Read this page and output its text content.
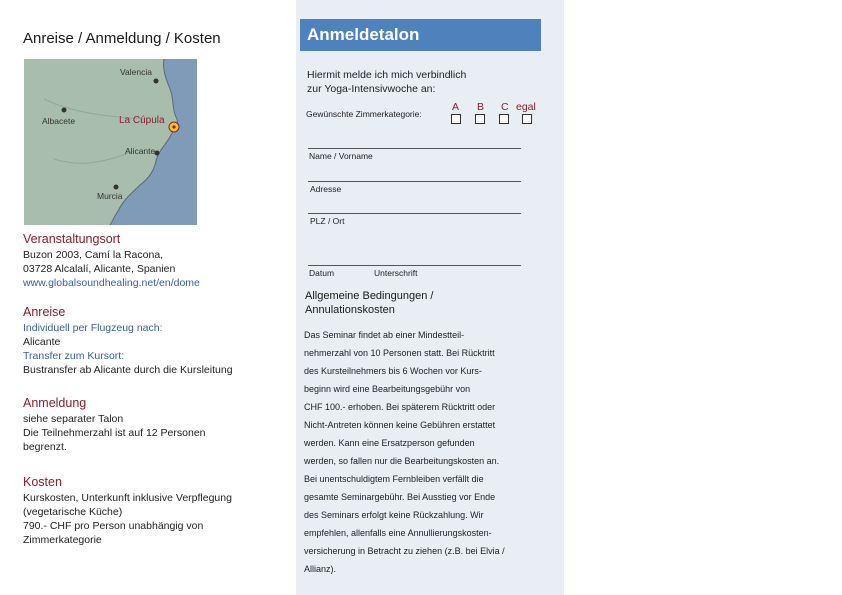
Anreise / Anmeldung / Kosten
Valencia
Albacete	La Cúpula
Alicante
Murcia
Veranstaltungsort
Buzon 2003, Camí la Racona,
03728 Alcalalí, Alicante, Spanien
www.globalsoundhealing.net/en/dome
Anreise
Individuell per Flugzeug nach:
Alicante
Transfer zum Kursort:
Bustransfer ab Alicante durch die Kursleitung
Anmeldung
siehe separater Talon
Die Teilnehmerzahl ist auf 12 Personen
begrenzt.
Kosten
Kurskosten, Unterkunft inklusive Verpflegung
(vegetarische Küche)
790.- CHF pro Person unabhängig von
Zimmerkategorie
Anmeldetalon
Hiermit melde ich mich verbindlich
zur Yoga-Intensivwoche an:
Gewünschte Zimmerkategorie:
A B C egal
Name / Vorname
Adresse
PLZ / Ort
Datum	Unterschrift
Allgemeine Bedingungen /
Annulationskosten
Das Seminar findet ab einer Mindestteil-
nehmerzahl von 10 Personen statt. Bei Rücktritt
des Kursteilnehmers bis 6 Wochen vor Kurs-
beginn wird eine Bearbeitungsgebühr von
CHF 100.- erhoben. Bei späterem Rücktritt oder
Nicht-Antreten können keine Gebühren erstattet
werden. Kann eine Ersatzperson gefunden
werden, so fallen nur die Bearbeitungskosten an.
Bei unentschuldigtem Fernbleiben verfällt die
gesamte Seminargebühr. Bei Ausstieg vor Ende
des Seminars erfolgt keine Rückzahlung. Wir
empfehlen, allenfalls eine Annullierungskosten-
versicherung in Betracht zu ziehen (z.B. bei Elvia /
Allianz).
